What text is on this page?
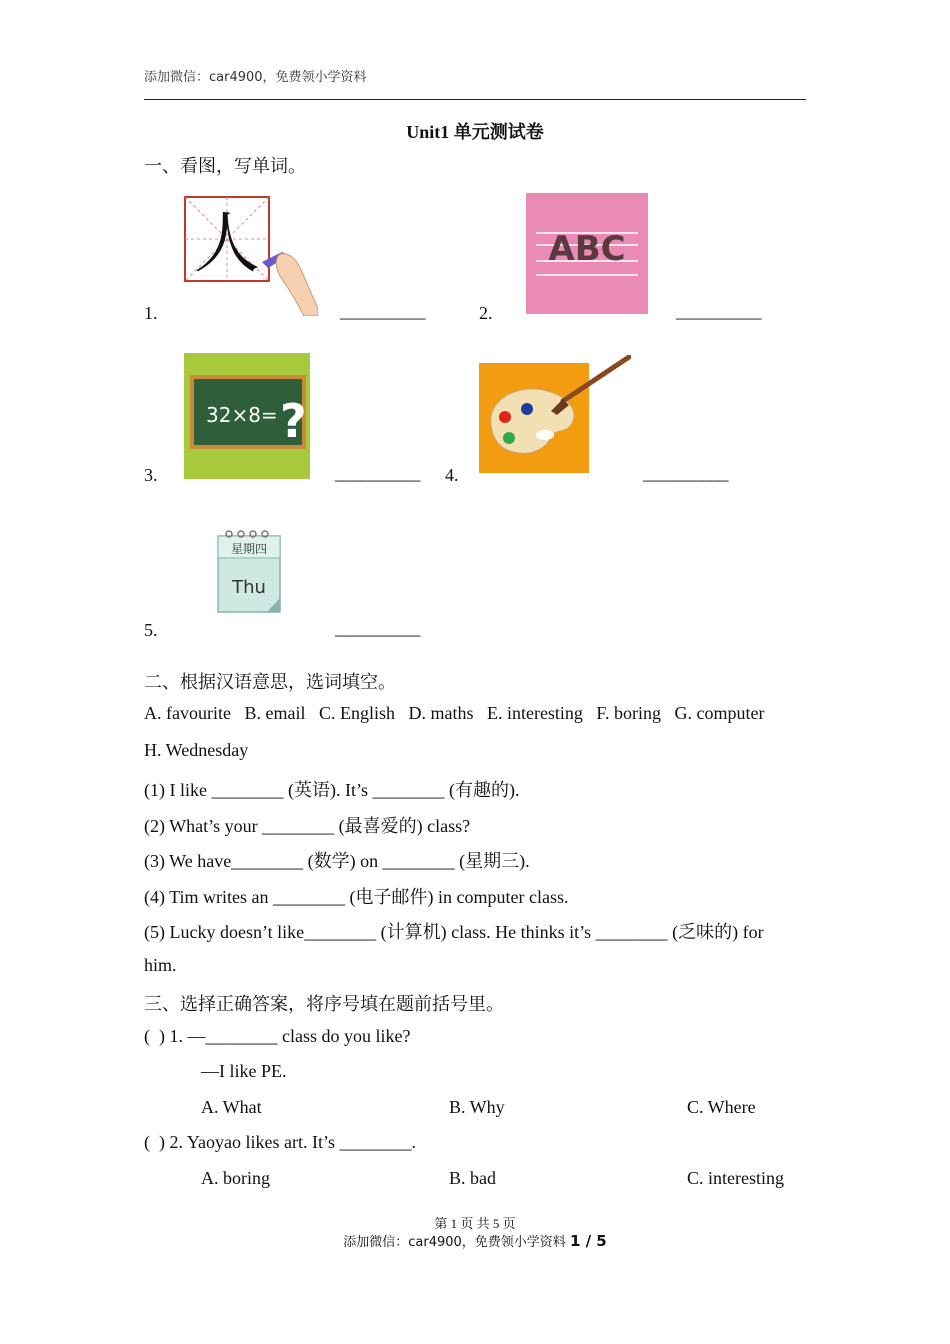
添加微信：car4900，免费领小学资料
Unit1 单元测试卷
一、看图，写单词。
人
1.	__________
ABC
2.	__________
32×8= ?
3.	__________ 4.	__________
星期四
Thu
5.	__________
二、根据汉语意思，选词填空。
A. favourite   B. email   C. English   D. maths   E. interesting   F. boring   G. computer
H. Wednesday
(1) I like ________ (英语). It’s ________ (有趣的).
(2) What’s your ________ (最喜爱的) class?
(3) We have________ (数学) on ________ (星期三).
(4) Tim writes an ________ (电子邮件) in computer class.
(5) Lucky doesn’t like________ (计算机) class. He thinks it’s ________ (乏味的) for
him.
三、选择正确答案，将序号填在题前括号里。
(  ) 1. —________ class do you like?
—I like PE.
A. What	B. Why	C. Where
(  ) 2. Yaoyao likes art. It’s ________.
A. boring	B. bad	C. interesting
第 1 页 共 5 页
添加微信：car4900，免费领小学资料 1 / 5
